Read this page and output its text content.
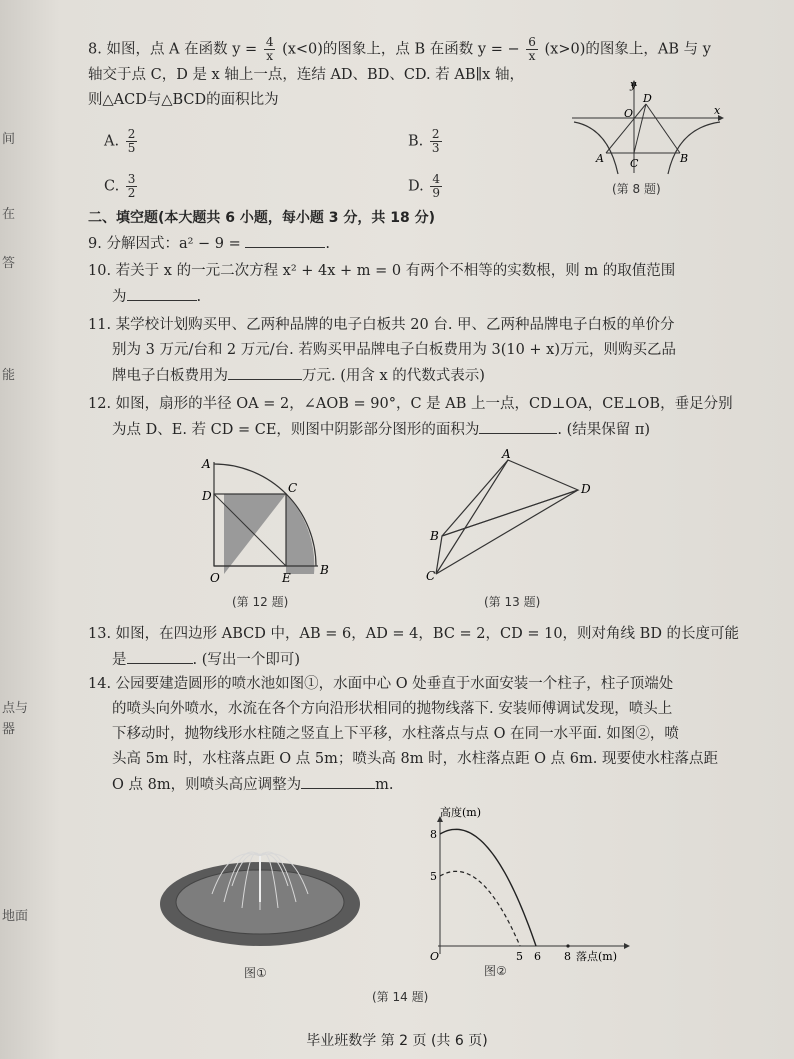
间
在
答
能
点与
器
地面
8. 如图，点 A 在函数 $y = \frac{4}{x} (x<0)$的图象上，点 B 在函数 y = − $\frac{6}{x} (x>0)$的图象上，AB 与 y
轴交于点 C，D 是 x 轴上一点，连结 AD、BD、CD. 若 AB∥x 轴，
则△ACD与△BCD的面积比为
A. $\frac{2}{5}$	B. $\frac{2}{3}$
C. $\frac{3}{2}$	D. $\frac{4}{9}$
y
x
O
D
A	B
C
(第 8 题)
二、填空题(本大题共 6 小题，每小题 3 分，共 18 分)
9. 分解因式：a² − 9 =	.
10. 若关于 x 的一元二次方程 x² + 4x + m = 0 有两个不相等的实数根，则 m 的取值范围
为	.
11. 某学校计划购买甲、乙两种品牌的电子白板共 20 台. 甲、乙两种品牌电子白板的单价分
别为 3 万元/台和 2 万元/台. 若购买甲品牌电子白板费用为 3(10 + x)万元，则购买乙品
牌电子白板费用为	万元. (用含 x 的代数式表示)
12. 如图，扇形的半径 OA = 2，∠AOB = 90°，C 是 AB 上一点，CD⊥OA，CE⊥OB，垂足分别
为点 D、E. 若 CD = CE，则图中阴影部分图形的面积为	. (结果保留 π)
A
D
C
O	E
B
(第 12 题)
A
B
C
D
(第 13 题)
13. 如图，在四边形 ABCD 中，AB = 6，AD = 4，BC = 2，CD = 10，则对角线 BD 的长度可能
是	. (写出一个即可)
14. 公园要建造圆形的喷水池如图①，水面中心 O 处垂直于水面安装一个柱子，柱子顶端处
的喷头向外喷水，水流在各个方向沿形状相同的抛物线落下. 安装师傅调试发现，喷头上
下移动时，抛物线形水柱随之竖直上下平移，水柱落点与点 O 在同一水平面. 如图②，喷
头高 5m 时，水柱落点距 O 点 5m；喷头高 8m 时，水柱落点距 O 点 6m. 现要使水柱落点距
O 点 8m，则喷头高应调整为	m.
图①
高度(m)
落点(m)
O
8
5
5 6 8
图②
(第 14 题)
毕业班数学 第 2 页 (共 6 页)
